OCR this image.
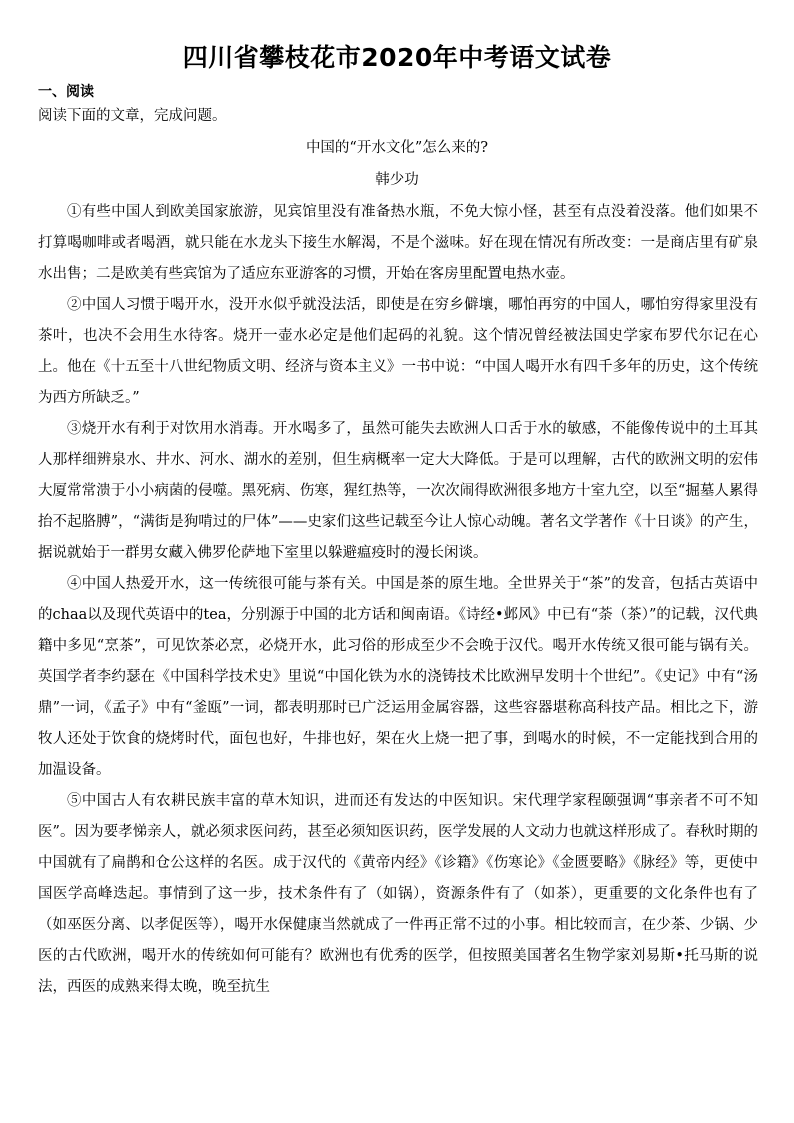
四川省攀枝花市2020年中考语文试卷
一、阅读
阅读下面的文章，完成问题。
中国的“开水文化”怎么来的?
韩少功

①有些中国人到欧美国家旅游，见宾馆里没有准备热水瓶，不免大惊小怪，甚至有点没着没落。他们如果不打算喝咖啡或者喝酒，就只能在水龙头下接生水解渴，不是个滋味。好在现在情况有所改变：一是商店里有矿泉水出售；二是欧美有些宾馆为了适应东亚游客的习惯，开始在客房里配置电热水壶。

②中国人习惯于喝开水，没开水似乎就没法活，即使是在穷乡僻壤，哪怕再穷的中国人，哪怕穷得家里没有茶叶，也决不会用生水待客。烧开一壶水必定是他们起码的礼貌。这个情况曾经被法国史学家布罗代尔记在心上。他在《十五至十八世纪物质文明、经济与资本主义》一书中说：“中国人喝开水有四千多年的历史，这个传统为西方所缺乏。”

③烧开水有利于对饮用水消毒。开水喝多了，虽然可能失去欧洲人口舌于水的敏感，不能像传说中的土耳其人那样细辨泉水、井水、河水、湖水的差别，但生病概率一定大大降低。于是可以理解，古代的欧洲文明的宏伟大厦常常溃于小小病菌的侵噬。黑死病、伤寒，猩红热等，一次次闹得欧洲很多地方十室九空，以至“掘墓人累得抬不起胳膊”，“满街是狗啃过的尸体”——史家们这些记载至今让人惊心动魄。著名文学著作《十日谈》的产生，据说就始于一群男女藏入佛罗伦萨地下室里以躲避瘟疫时的漫长闲谈。

④中国人热爱开水，这一传统很可能与茶有关。中国是茶的原生地。全世界关于“茶”的发音，包括古英语中的chaa以及现代英语中的tea，分别源于中国的北方话和闽南语。《诗经•邺风》中已有“荼（茶）”的记载，汉代典籍中多见“烹茶”，可见饮茶必烹，必烧开水，此习俗的形成至少不会晚于汉代。喝开水传统又很可能与锅有关。英国学者李约瑟在《中国科学技术史》里说“中国化铁为水的浇铸技术比欧洲早发明十个世纪”。《史记》中有“汤鼎”一词，《孟子》中有“釜瓯”一词，都表明那时已广泛运用金属容器，这些容器堪称高科技产品。相比之下，游牧人还处于饮食的烧烤时代，面包也好，牛排也好，架在火上烧一把了事，到喝水的时候，不一定能找到合用的加温设备。

⑤中国古人有农耕民族丰富的草木知识，进而还有发达的中医知识。宋代理学家程颐强调“事亲者不可不知医”。因为要孝悌亲人，就必须求医问药，甚至必须知医识药，医学发展的人文动力也就这样形成了。春秋时期的中国就有了扁鹊和仓公这样的名医。成于汉代的《黄帝内经》《诊籍》《伤寒论》《金匮要略》《脉经》等，更使中国医学高峰迭起。事情到了这一步，技术条件有了（如锅），资源条件有了（如茶），更重要的文化条件也有了（如巫医分离、以孝促医等），喝开水保健康当然就成了一件再正常不过的小事。相比较而言，在少茶、少锅、少医的古代欧洲，喝开水的传统如何可能有？欧洲也有优秀的医学，但按照美国著名生物学家刘易斯•托马斯的说法，西医的成熟来得太晚，晚至抗生
